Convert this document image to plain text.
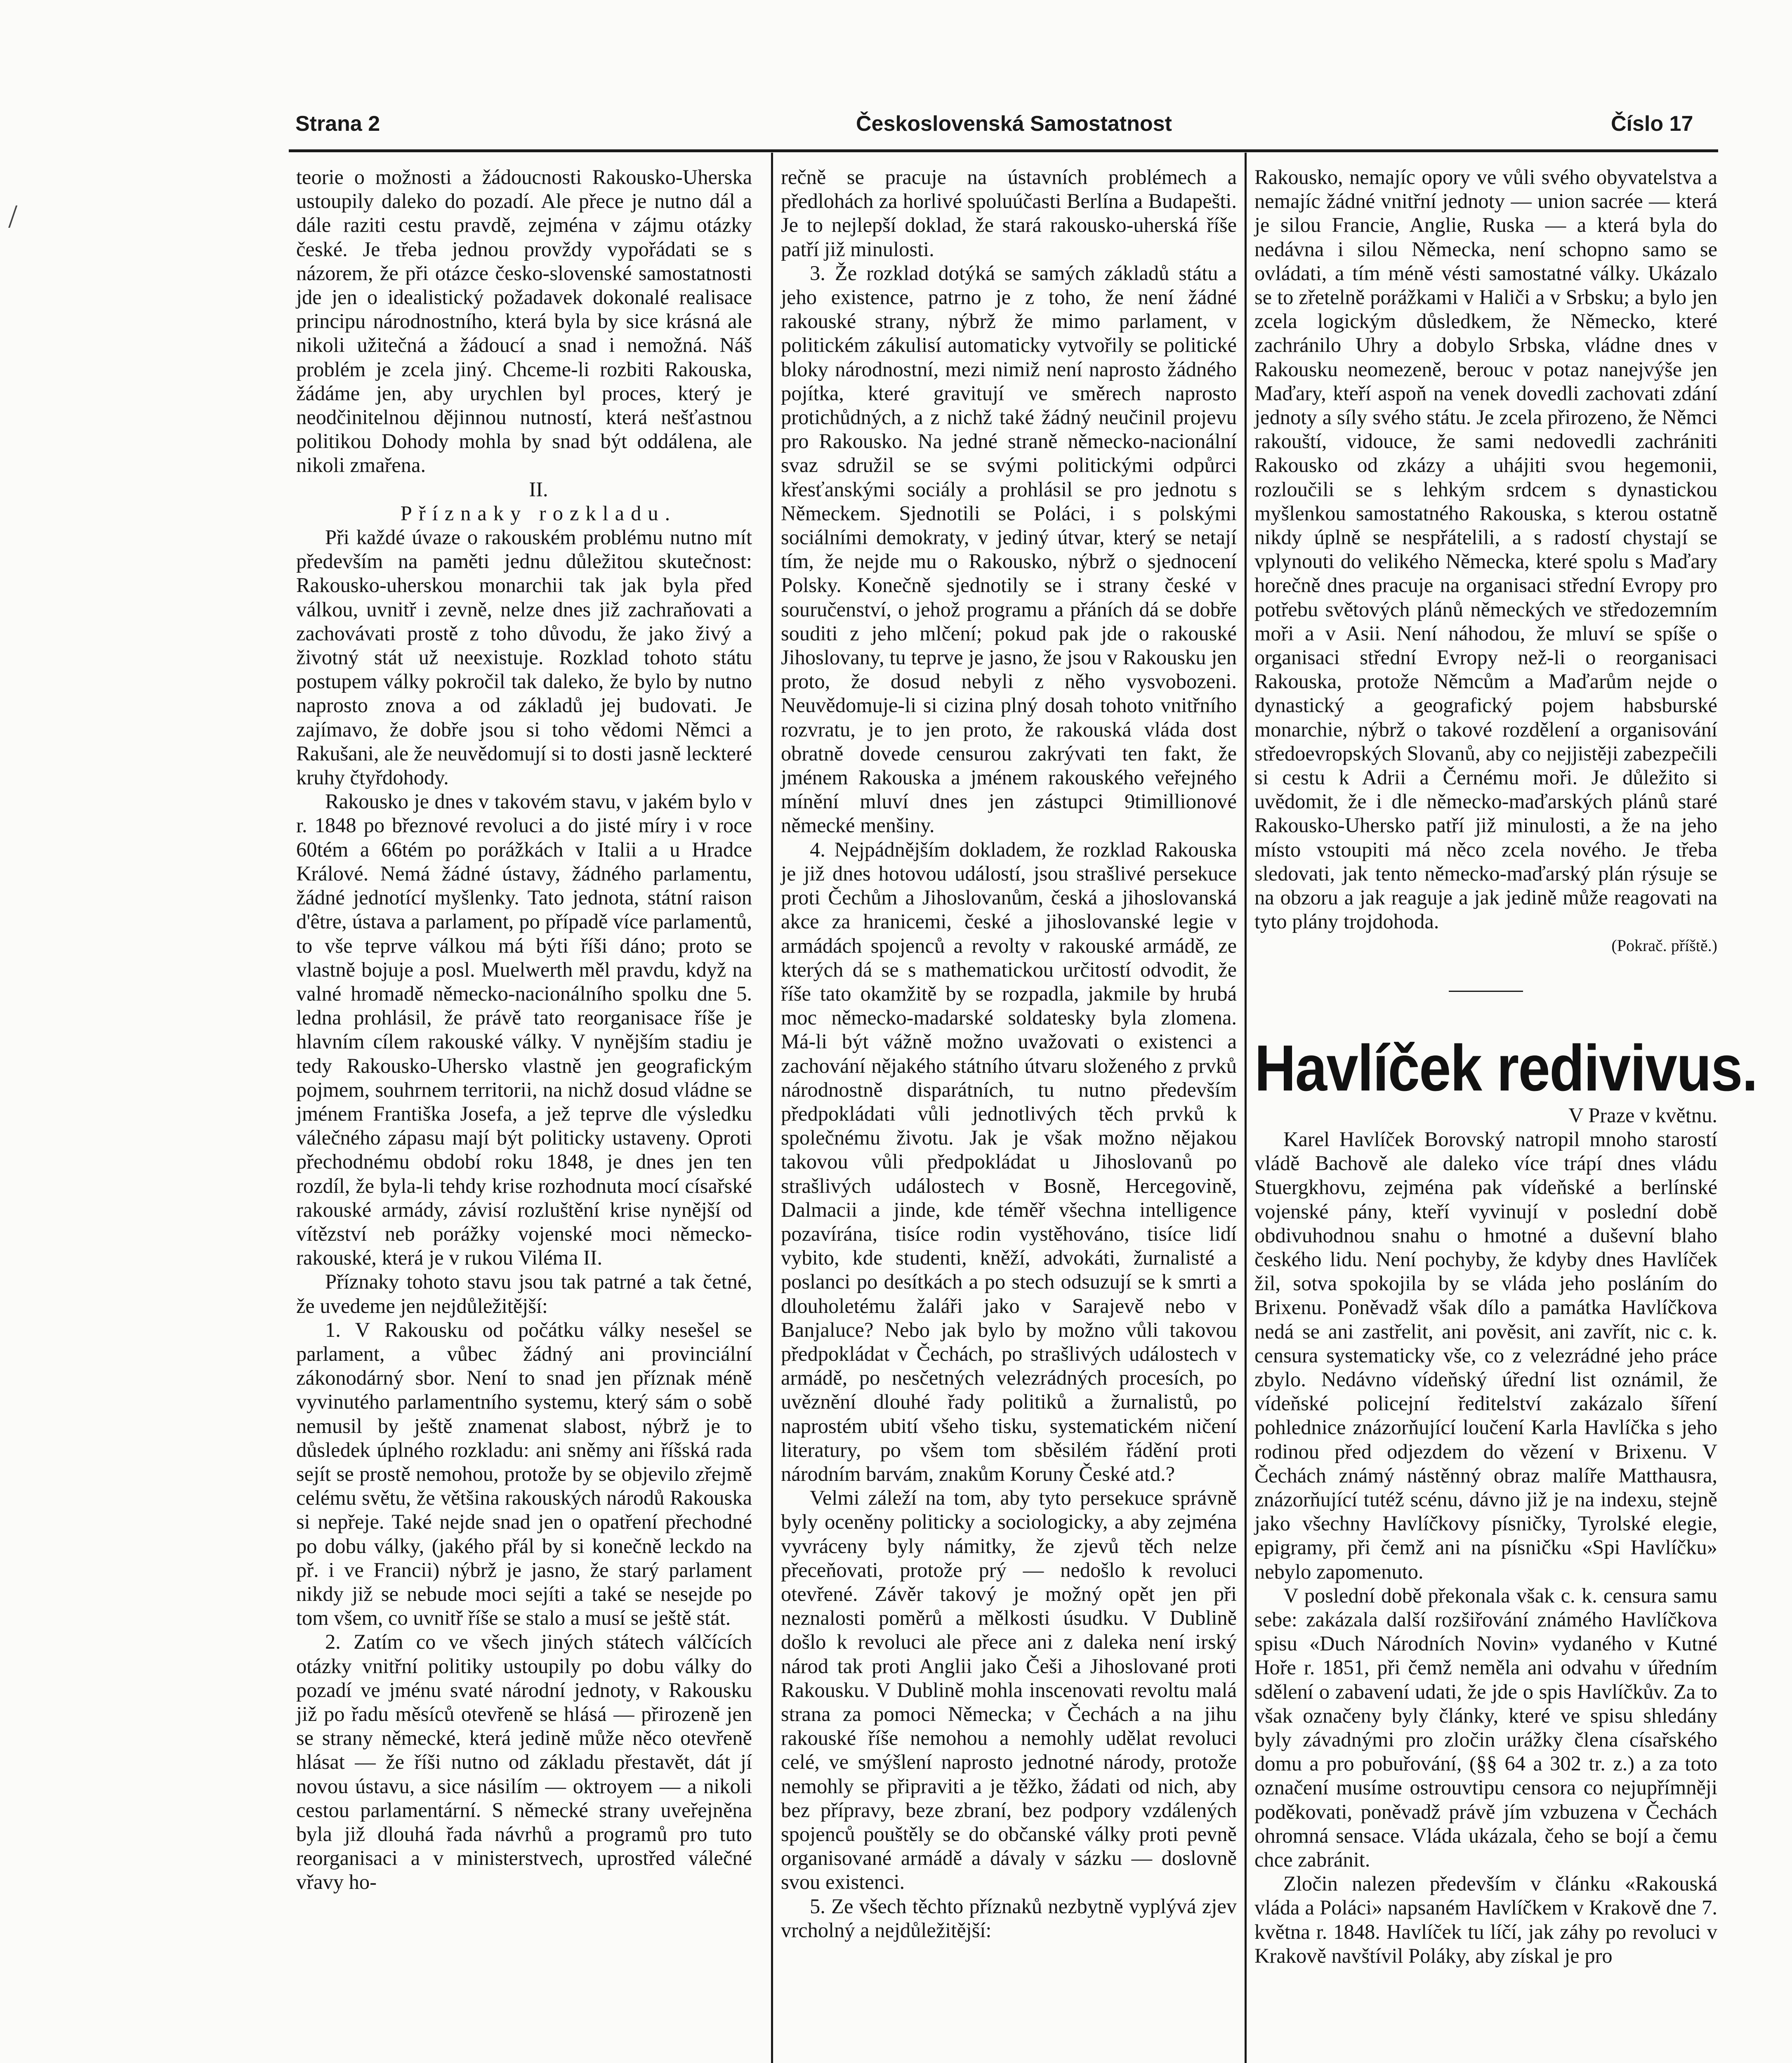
Strana 2	Československá Samostatnost	Číslo 17

teorie o možnosti a žádoucnosti Rakousko-Uherska ustoupily daleko do pozadí. Ale přece je nutno dál a dále raziti cestu pravdě, zejména v zájmu otázky české. Je třeba jednou provždy vypořádati se s názorem, že při otázce česko-slovenské samostatnosti jde jen o idealistický požadavek dokonalé realisace principu národnostního, která byla by sice krásná ale nikoli užitečná a žádoucí a snad i nemožná. Náš problém je zcela jiný. Chceme-li rozbiti Rakouska, žádáme jen, aby urychlen byl proces, který je neodčinitelnou dějinnou nutností, která nešťastnou politikou Dohody mohla by snad být oddálena, ale nikoli zmařena.

II.

Příznaky rozkladu.

Při každé úvaze o rakouském problému nutno mít především na paměti jednu důležitou skutečnost: Rakousko-uherskou monarchii tak jak byla před válkou, uvnitř i zevně, nelze dnes již zachraňovati a zachovávati prostě z toho důvodu, že jako živý a životný stát už neexistuje. Rozklad tohoto státu postupem války pokročil tak daleko, že bylo by nutno naprosto znova a od základů jej budovati. Je zajímavo, že dobře jsou si toho vědomi Němci a Rakušani, ale že neuvědomují si to dosti jasně leckteré kruhy čtyřdohody.

Rakousko je dnes v takovém stavu, v jakém bylo v r. 1848 po březnové revoluci a do jisté míry i v roce 60tém a 66tém po porážkách v Italii a u Hradce Králové. Nemá žádné ústavy, žádného parlamentu, žádné jednotící myšlenky. Tato jednota, státní raison d'être, ústava a parlament, po případě více parlamentů, to vše teprve válkou má býti říši dáno; proto se vlastně bojuje a posl. Muelwerth měl pravdu, když na valné hromadě německo-nacionálního spolku dne 5. ledna prohlásil, že právě tato reorganisace říše je hlavním cílem rakouské války. V nynějším stadiu je tedy Rakousko-Uhersko vlastně jen geografickým pojmem, souhrnem territorii, na nichž dosud vládne se jménem Františka Josefa, a jež teprve dle výsledku válečného zápasu mají být politicky ustaveny. Oproti přechodnému období roku 1848, je dnes jen ten rozdíl, že byla-li tehdy krise rozhodnuta mocí císařské rakouské armády, závisí rozluštění krise nynější od vítězství neb porážky vojenské moci německo-rakouské, která je v rukou Viléma II.

Příznaky tohoto stavu jsou tak patrné a tak četné, že uvedeme jen nejdůležitější:

1. V Rakousku od počátku války nesešel se parlament, a vůbec žádný ani provinciální zákonodárný sbor. Není to snad jen příznak méně vyvinutého parlamentního systemu, který sám o sobě nemusil by ještě znamenat slabost, nýbrž je to důsledek úplného rozkladu: ani sněmy ani říšská rada sejít se prostě nemohou, protože by se objevilo zřejmě celému světu, že většina rakouských národů Rakouska si nepřeje. Také nejde snad jen o opatření přechodné po dobu války, (jakého přál by si konečně leckdo na př. i ve Francii) nýbrž je jasno, že starý parlament nikdy již se nebude moci sejíti a také se nesejde po tom všem, co uvnitř říše se stalo a musí se ještě stát.

2. Zatím co ve všech jiných státech válčících otázky vnitřní politiky ustoupily po dobu války do pozadí ve jménu svaté národní jednoty, v Rakousku již po řadu měsíců otevřeně se hlásá — přirozeně jen se strany německé, která jedině může něco otevřeně hlásat — že říši nutno od základu přestavět, dát jí novou ústavu, a sice násilím — oktroyem — a nikoli cestou parlamentární. S německé strany uveřejněna byla již dlouhá řada návrhů a programů pro tuto reorganisaci a v ministerstvech, uprostřed válečné vřavy ho-

rečně se pracuje na ústavních problémech a předlohách za horlivé spoluúčasti Berlína a Budapešti. Je to nejlepší doklad, že stará rakousko-uherská říše patří již minulosti.

3. Že rozklad dotýká se samých základů státu a jeho existence, patrno je z toho, že není žádné rakouské strany, nýbrž že mimo parlament, v politickém zákulisí automaticky vytvořily se politické bloky národnostní, mezi nimiž není naprosto žádného pojítka, které gravitují ve směrech naprosto protichůdných, a z nichž také žádný neučinil projevu pro Rakousko. Na jedné straně německo-nacionální svaz sdružil se se svými politickými odpůrci křesťanskými sociály a prohlásil se pro jednotu s Německem. Sjednotili se Poláci, i s polskými sociálními demokraty, v jediný útvar, který se netají tím, že nejde mu o Rakousko, nýbrž o sjednocení Polsky. Konečně sjednotily se i strany české v souručenství, o jehož programu a přáních dá se dobře souditi z jeho mlčení; pokud pak jde o rakouské Jihoslovany, tu teprve je jasno, že jsou v Rakousku jen proto, že dosud nebyli z něho vysvobozeni. Neuvědomuje-li si cizina plný dosah tohoto vnitřního rozvratu, je to jen proto, že rakouská vláda dost obratně dovede censurou zakrývati ten fakt, že jménem Rakouska a jménem rakouského veřejného mínění mluví dnes jen zástupci 9timillionové německé menšiny.

4. Nejpádnějším dokladem, že rozklad Rakouska je již dnes hotovou událostí, jsou strašlivé persekuce proti Čechům a Jihoslovanům, česká a jihoslovanská akce za hranicemi, české a jihoslovanské legie v armádách spojenců a revolty v rakouské armádě, ze kterých dá se s mathematickou určitostí odvodit, že říše tato okamžitě by se rozpadla, jakmile by hrubá moc německo-madarské soldatesky byla zlomena. Má-li být vážně možno uvažovati o existenci a zachování nějakého státního útvaru složeného z prvků národnostně disparátních, tu nutno především předpokládati vůli jednotlivých těch prvků k společnému životu. Jak je však možno nějakou takovou vůli předpokládat u Jihoslovanů po strašlivých událostech v Bosně, Hercegovině, Dalmacii a jinde, kde téměř všechna intelligence pozavírána, tisíce rodin vystěhováno, tisíce lidí vybito, kde studenti, kněží, advokáti, žurnalisté a poslanci po desítkách a po stech odsuzují se k smrti a dlouholetému žaláři jako v Sarajevě nebo v Banjaluce? Nebo jak bylo by možno vůli takovou předpokládat v Čechách, po strašlivých událostech v armádě, po nesčetných velezrádných procesích, po uvěznění dlouhé řady politiků a žurnalistů, po naprostém ubití všeho tisku, systematickém ničení literatury, po všem tom sběsilém řádění proti národním barvám, znakům Koruny České atd.?

Velmi záleží na tom, aby tyto persekuce správně byly oceněny politicky a sociologicky, a aby zejména vyvráceny byly námitky, že zjevů těch nelze přeceňovati, protože prý — nedošlo k revoluci otevřené. Závěr takový je možný opět jen při neznalosti poměrů a mělkosti úsudku. V Dublině došlo k revoluci ale přece ani z daleka není irský národ tak proti Anglii jako Češi a Jihoslované proti Rakousku. V Dublině mohla inscenovati revoltu malá strana za pomoci Německa; v Čechách a na jihu rakouské říše nemohou a nemohly udělat revoluci celé, ve smýšlení naprosto jednotné národy, protože nemohly se připraviti a je těžko, žádati od nich, aby bez přípravy, beze zbraní, bez podpory vzdálených spojenců pouštěly se do občanské války proti pevně organisované armádě a dávaly v sázku — doslovně svou existenci.

5. Ze všech těchto příznaků nezbytně vyplývá zjev vrcholný a nejdůležitější:

Rakousko, nemajíc opory ve vůli svého obyvatelstva a nemajíc žádné vnitřní jednoty — union sacrée — která je silou Francie, Anglie, Ruska — a která byla do nedávna i silou Německa, není schopno samo se ovládati, a tím méně vésti samostatné války. Ukázalo se to zřetelně porážkami v Haliči a v Srbsku; a bylo jen zcela logickým důsledkem, že Německo, které zachránilo Uhry a dobylo Srbska, vládne dnes v Rakousku neomezeně, berouc v potaz nanejvýše jen Maďary, kteří aspoň na venek dovedli zachovati zdání jednoty a síly svého státu. Je zcela přirozeno, že Němci rakouští, vidouce, že sami nedovedli zachrániti Rakousko od zkázy a uhájiti svou hegemonii, rozloučili se s lehkým srdcem s dynastickou myšlenkou samostatného Rakouska, s kterou ostatně nikdy úplně se nespřátelili, a s radostí chystají se vplynouti do velikého Německa, které spolu s Maďary horečně dnes pracuje na organisaci střední Evropy pro potřebu světových plánů německých ve středozemním moři a v Asii. Není náhodou, že mluví se spíše o organisaci střední Evropy než-li o reorganisaci Rakouska, protože Němcům a Maďarům nejde o dynastický a geografický pojem habsburské monarchie, nýbrž o takové rozdělení a organisování středoevropských Slovanů, aby co nejjistěji zabezpečili si cestu k Adrii a Černému moři. Je důležito si uvědomit, že i dle německo-maďarských plánů staré Rakousko-Uhersko patří již minulosti, a že na jeho místo vstoupiti má něco zcela nového. Je třeba sledovati, jak tento německo-maďarský plán rýsuje se na obzoru a jak reaguje a jak jedině může reagovati na tyto plány trojdohoda.

(Pokrač. příště.)

Havlíček redivivus.

V Praze v květnu.

Karel Havlíček Borovský natropil mnoho starostí vládě Bachově ale daleko více trápí dnes vládu Stuergkhovu, zejména pak vídeňské a berlínské vojenské pány, kteří vyvinují v poslední době obdivuhodnou snahu o hmotné a duševní blaho českého lidu. Není pochyby, že kdyby dnes Havlíček žil, sotva spokojila by se vláda jeho posláním do Brixenu. Poněvadž však dílo a památka Havlíčkova nedá se ani zastřelit, ani pověsit, ani zavřít, nic c. k. censura systematicky vše, co z velezrádné jeho práce zbylo. Nedávno vídeňský úřední list oznámil, že vídeňské policejní ředitelství zakázalo šíření pohlednice znázorňující loučení Karla Havlíčka s jeho rodinou před odjezdem do vězení v Brixenu. V Čechách známý nástěnný obraz malíře Matthausra, znázorňující tutéž scénu, dávno již je na indexu, stejně jako všechny Havlíčkovy písničky, Tyrolské elegie, epigramy, při čemž ani na písničku «Spi Havlíčku» nebylo zapomenuto.

V poslední době překonala však c. k. censura samu sebe: zakázala další rozšiřování známého Havlíčkova spisu «Duch Národních Novin» vydaného v Kutné Hoře r. 1851, při čemž neměla ani odvahu v úředním sdělení o zabavení udati, že jde o spis Havlíčkův. Za to však označeny byly články, které ve spisu shledány byly závadnými pro zločin urážky člena císařského domu a pro pobuřování, (§§ 64 a 302 tr. z.) a za toto označení musíme ostrouvtipu censora co nejupřímněji poděkovati, poněvadž právě jím vzbuzena v Čechách ohromná sensace. Vláda ukázala, čeho se bojí a čemu chce zabránit.

Zločin nalezen především v článku «Rakouská vláda a Poláci» napsaném Havlíčkem v Krakově dne 7. května r. 1848. Havlíček tu líčí, jak záhy po revoluci v Krakově navštívil Poláky, aby získal je pro

/
